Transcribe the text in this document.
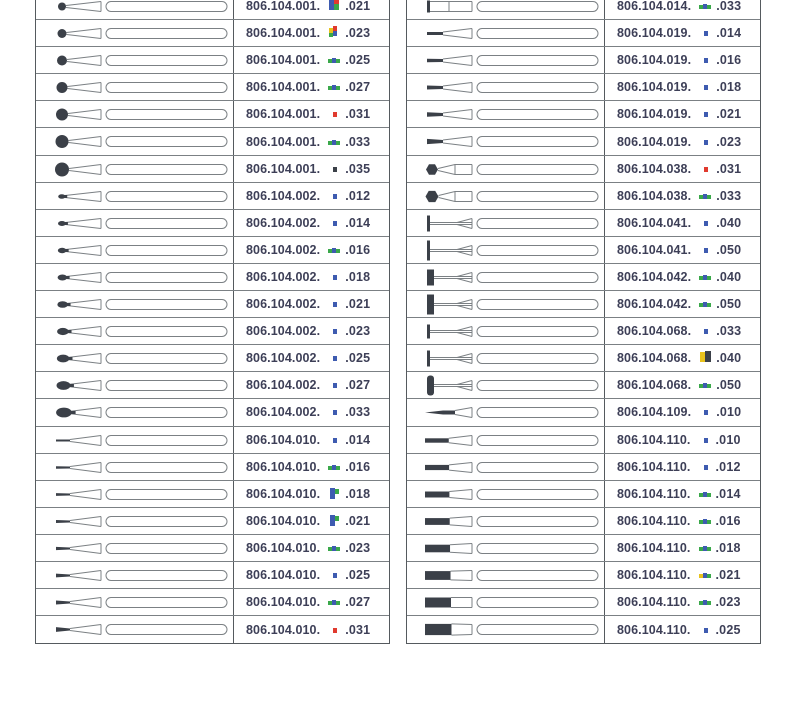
806.104.001. .021
806.104.001. .023
806.104.001. .025
806.104.001. .027
806.104.001. .031
806.104.001. .033
806.104.001. .035
806.104.002. .012
806.104.002. .014
806.104.002. .016
806.104.002. .018
806.104.002. .021
806.104.002. .023
806.104.002. .025
806.104.002. .027
806.104.002. .033
806.104.010. .014
806.104.010. .016
806.104.010. .018
806.104.010. .021
806.104.010. .023
806.104.010. .025
806.104.010. .027
806.104.010. .031
806.104.014. .033
806.104.019. .014
806.104.019. .016
806.104.019. .018
806.104.019. .021
806.104.019. .023
806.104.038. .031
806.104.038. .033
806.104.041. .040
806.104.041. .050
806.104.042. .040
806.104.042. .050
806.104.068. .033
806.104.068. .040
806.104.068. .050
806.104.109. .010
806.104.110. .010
806.104.110. .012
806.104.110. .014
806.104.110. .016
806.104.110. .018
806.104.110. .021
806.104.110. .023
806.104.110. .025
